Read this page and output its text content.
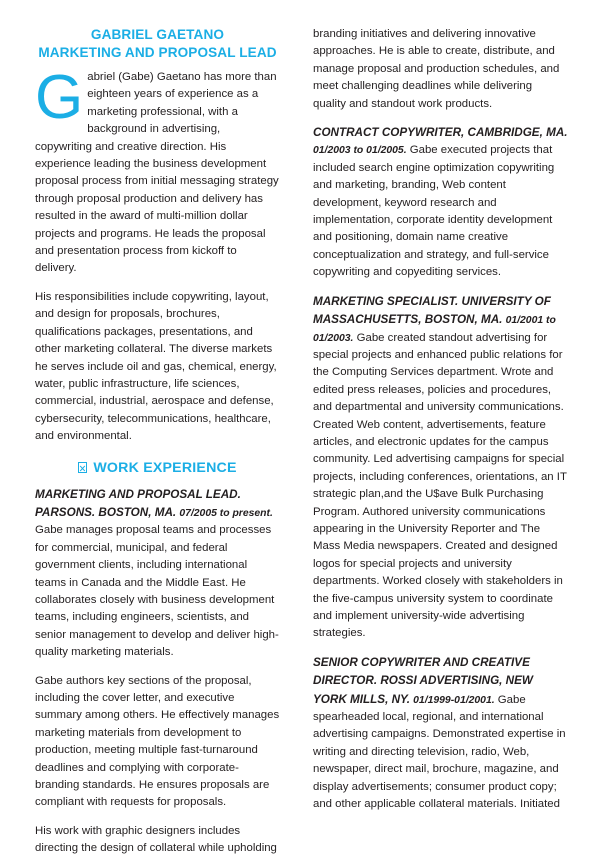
GABRIEL GAETANO
MARKETING AND PROPOSAL LEAD
Gabriel (Gabe) Gaetano has more than eighteen years of experience as a marketing professional, with a background in advertising, copywriting and creative direction. His experience leading the business development proposal process from initial messaging strategy through proposal production and delivery has resulted in the award of multi-million dollar projects and programs. He leads the proposal and presentation process from kickoff to delivery.

His responsibilities include copywriting, layout, and design for proposals, brochures, qualifications packages, presentations, and other marketing collateral. The diverse markets he serves include oil and gas, chemical, energy, water, public infrastructure, life sciences, commercial, industrial, aerospace and defense, cybersecurity, telecommunications, healthcare, and environmental.

WORK EXPERIENCE

MARKETING AND PROPOSAL LEAD. PARSONS. BOSTON, MA. 07/2005 to present. Gabe manages proposal teams and processes for commercial, municipal, and federal government clients, including international teams in Canada and the Middle East. He collaborates closely with business development teams, including engineers, scientists, and senior management to develop and deliver high-quality marketing materials.

Gabe authors key sections of the proposal, including the cover letter, and executive summary among others. He effectively manages marketing materials from development to production, meeting multiple fast-turnaround deadlines and complying with corporate-branding standards. He ensures proposals are compliant with requests for proposals.

His work with graphic designers includes directing the design of collateral while upholding

branding initiatives and delivering innovative approaches. He is able to create, distribute, and manage proposal and production schedules, and meet challenging deadlines while delivering quality and standout work products.

CONTRACT COPYWRITER, CAMBRIDGE, MA. 01/2003 to 01/2005. Gabe executed projects that included search engine optimization copywriting and marketing, branding, Web content development, keyword research and implementation, corporate identity development and positioning, domain name creative conceptualization and strategy, and full-service copywriting and copyediting services.

MARKETING SPECIALIST. UNIVERSITY OF MASSACHUSETTS, BOSTON, MA. 01/2001 to 01/2003. Gabe created standout advertising for special projects and enhanced public relations for the Computing Services department. Wrote and edited press releases, policies and procedures, and departmental and university communications. Created Web content, advertisements, feature articles, and electronic updates for the campus community. Led advertising campaigns for special projects, including conferences, orientations, an IT strategic plan,and the U$ave Bulk Purchasing Program. Authored university communications appearing in the University Reporter and The Mass Media newspapers. Created and designed logos for special projects and university departments. Worked closely with stakeholders in the five-campus university system to coordinate and implement university-wide advertising strategies.

SENIOR COPYWRITER AND CREATIVE DIRECTOR. ROSSI ADVERTISING, NEW YORK MILLS, NY. 01/1999-01/2001. Gabe spearheaded local, regional, and international advertising campaigns. Demonstrated expertise in writing and directing television, radio, Web, newspaper, direct mail, brochure, magazine, and display advertisements; consumer product copy; and other applicable collateral materials. Initiated
